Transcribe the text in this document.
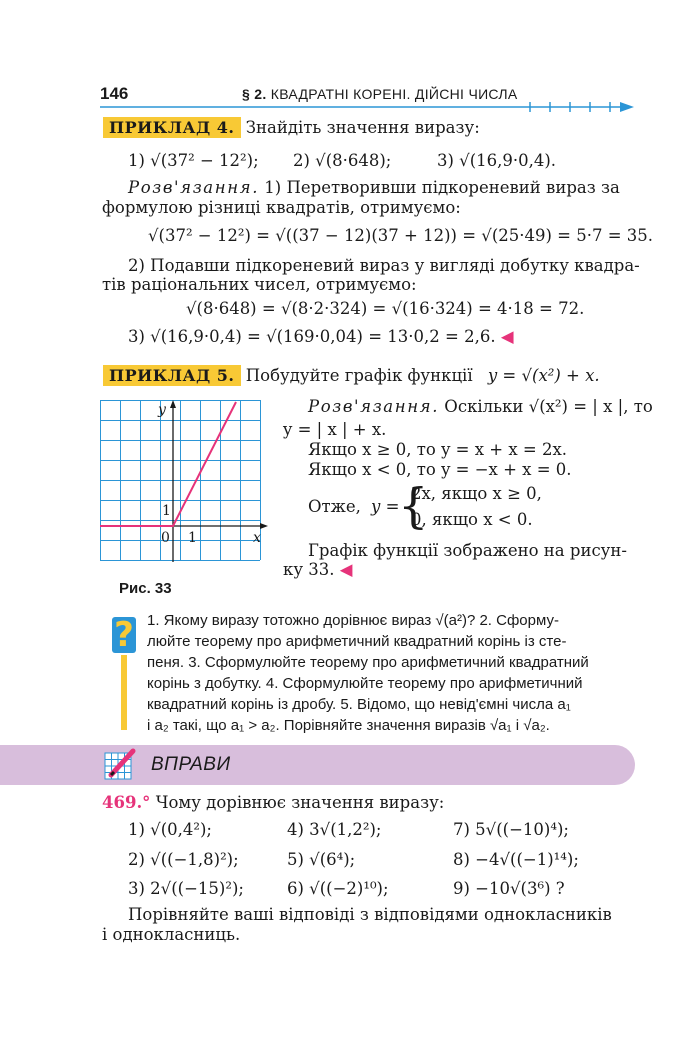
146	§ 2. КВАДРАТНІ КОРЕНІ. ДІЙСНІ ЧИСЛА
ПРИКЛАД 4. Знайдіть значення виразу:
1) √(37² − 12²); 2) √(8·648);	3) √(16,9·0,4).
Розв'язання. 1) Перетворивши підкореневий вираз за
формулою різниці квадратів, отримуємо:
√(37² − 12²) = √((37 − 12)(37 + 12)) = √(25·49) = 5·7 = 35.
2) Подавши підкореневий вираз у вигляді добутку квадра-
тів раціональних чисел, отримуємо:
√(8·648) = √(8·2·324) = √(16·324) = 4·18 = 72.
3) √(16,9·0,4) = √(169·0,04) = 13·0,2 = 2,6. ◀
ПРИКЛАД 5. Побудуйте графік функції y = √(x²) + x.
y
x
0 1
1
Рис. 33
Розв'язання. Оскільки √(x²) = | x |, то
y = | x | + x.
Якщо x ≥ 0, то y = x + x = 2x.
Якщо x < 0, то y = −x + x = 0.
Отже, y =
{
2x, якщо x ≥ 0,
0, якщо x < 0.
Графік функції зображено на рисун-
ку 33. ◀
? 1. Якому виразу тотожно дорівнює вираз √(a²)? 2. Сформу-
люйте теорему про арифметичний квадратний корінь із сте-
пеня. 3. Сформулюйте теорему про арифметичний квадратний
корінь з добутку. 4. Сформулюйте теорему про арифметичний
квадратний корінь із дробу. 5. Відомо, що невід'ємні числа a₁
і a₂ такі, що a₁ > a₂. Порівняйте значення виразів √a₁ і √a₂.
ВПРАВИ
469.° Чому дорівнює значення виразу:
1) √(0,4²);	4) 3√(1,2²);	7) 5√((−10)⁴);
2) √((−1,8)²);	5) √(6⁴);	8) −4√((−1)¹⁴);
3) 2√((−15)²);	6) √((−2)¹⁰);	9) −10√(3⁶) ?
Порівняйте ваші відповіді з відповідями однокласників
і однокласниць.
